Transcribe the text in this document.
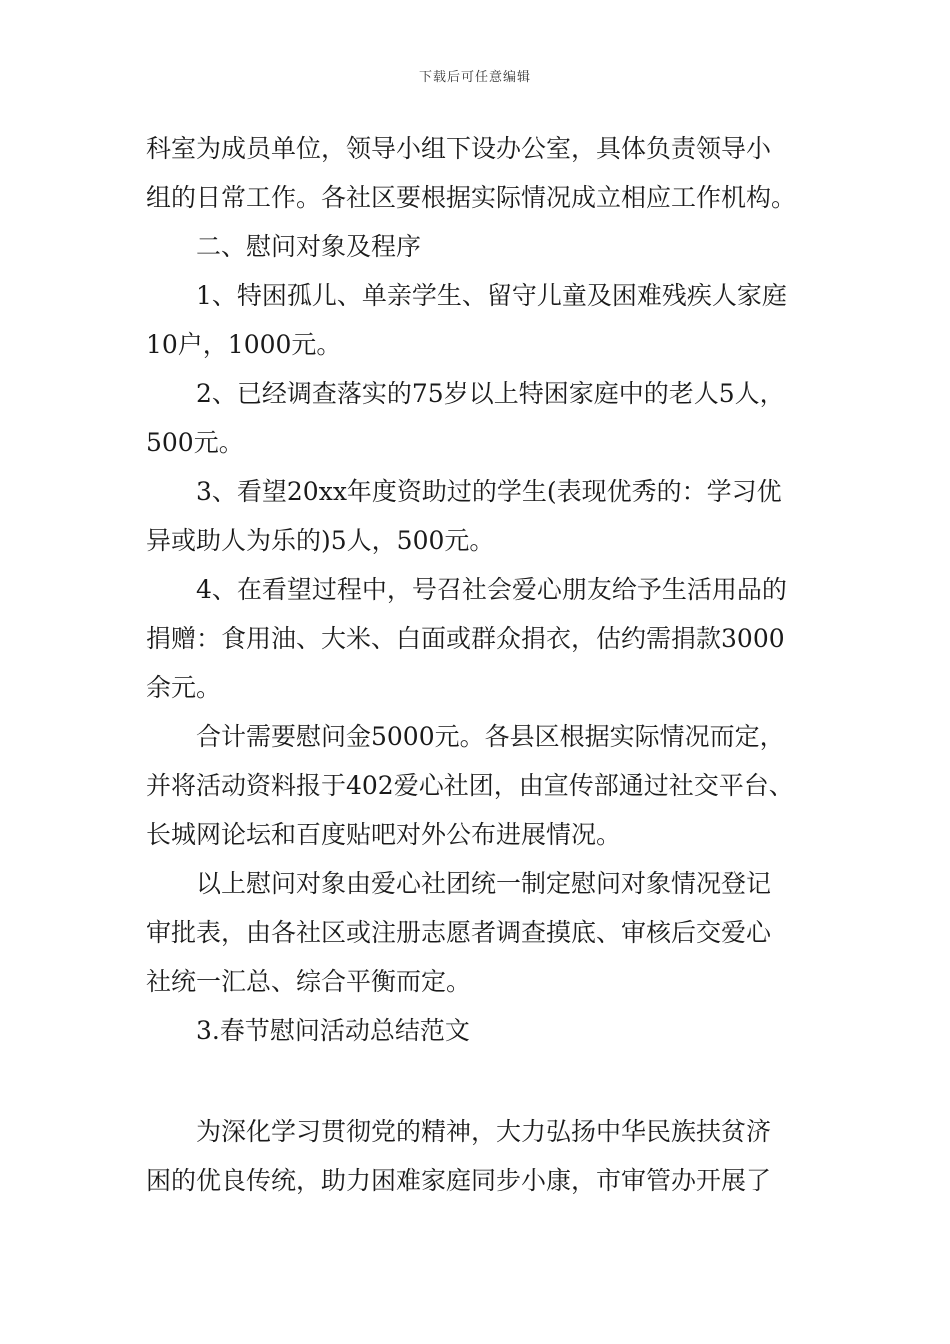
下载后可任意编辑
科室为成员单位，领导小组下设办公室，具体负责领导小
组的日常工作。各社区要根据实际情况成立相应工作机构。
二、慰问对象及程序
1、特困孤儿、单亲学生、留守儿童及困难残疾人家庭
10户，1000元。
2、已经调查落实的75岁以上特困家庭中的老人5人，
500元。
3、看望20xx年度资助过的学生(表现优秀的：学习优
异或助人为乐的)5人，500元。
4、在看望过程中，号召社会爱心朋友给予生活用品的
捐赠：食用油、大米、白面或群众捐衣，估约需捐款3000
余元。
合计需要慰问金5000元。各县区根据实际情况而定，
并将活动资料报于402爱心社团，由宣传部通过社交平台、
长城网论坛和百度贴吧对外公布进展情况。
以上慰问对象由爱心社团统一制定慰问对象情况登记
审批表，由各社区或注册志愿者调查摸底、审核后交爱心
社统一汇总、综合平衡而定。
3.春节慰问活动总结范文
为深化学习贯彻党的精神，大力弘扬中华民族扶贫济
困的优良传统，助力困难家庭同步小康，市审管办开展了
